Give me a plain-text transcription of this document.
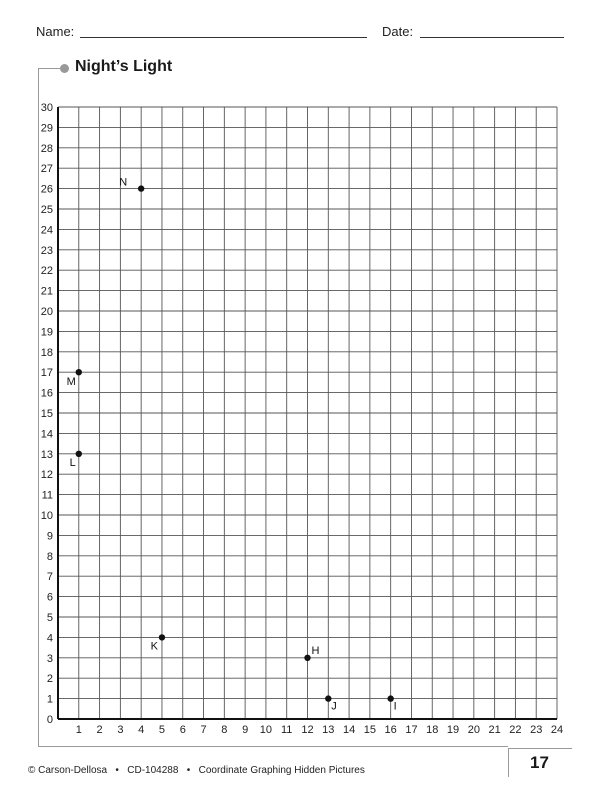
Name:	Date:
Night’s Light
1 2 3 4 5 6 7 8 9 10 11 12 13 14 15 16 17 18 19 20 21 22 23 24
0
1
2
3
4
5
6
7
8
9
10
11
12
13
14
15
16
17
18
19
20
21
22
23
24
25
26
27
28
29
30
N
M
L
K	H
J	I
© Carson-Dellosa • CD-104288 • Coordinate Graphing Hidden Pictures	17
